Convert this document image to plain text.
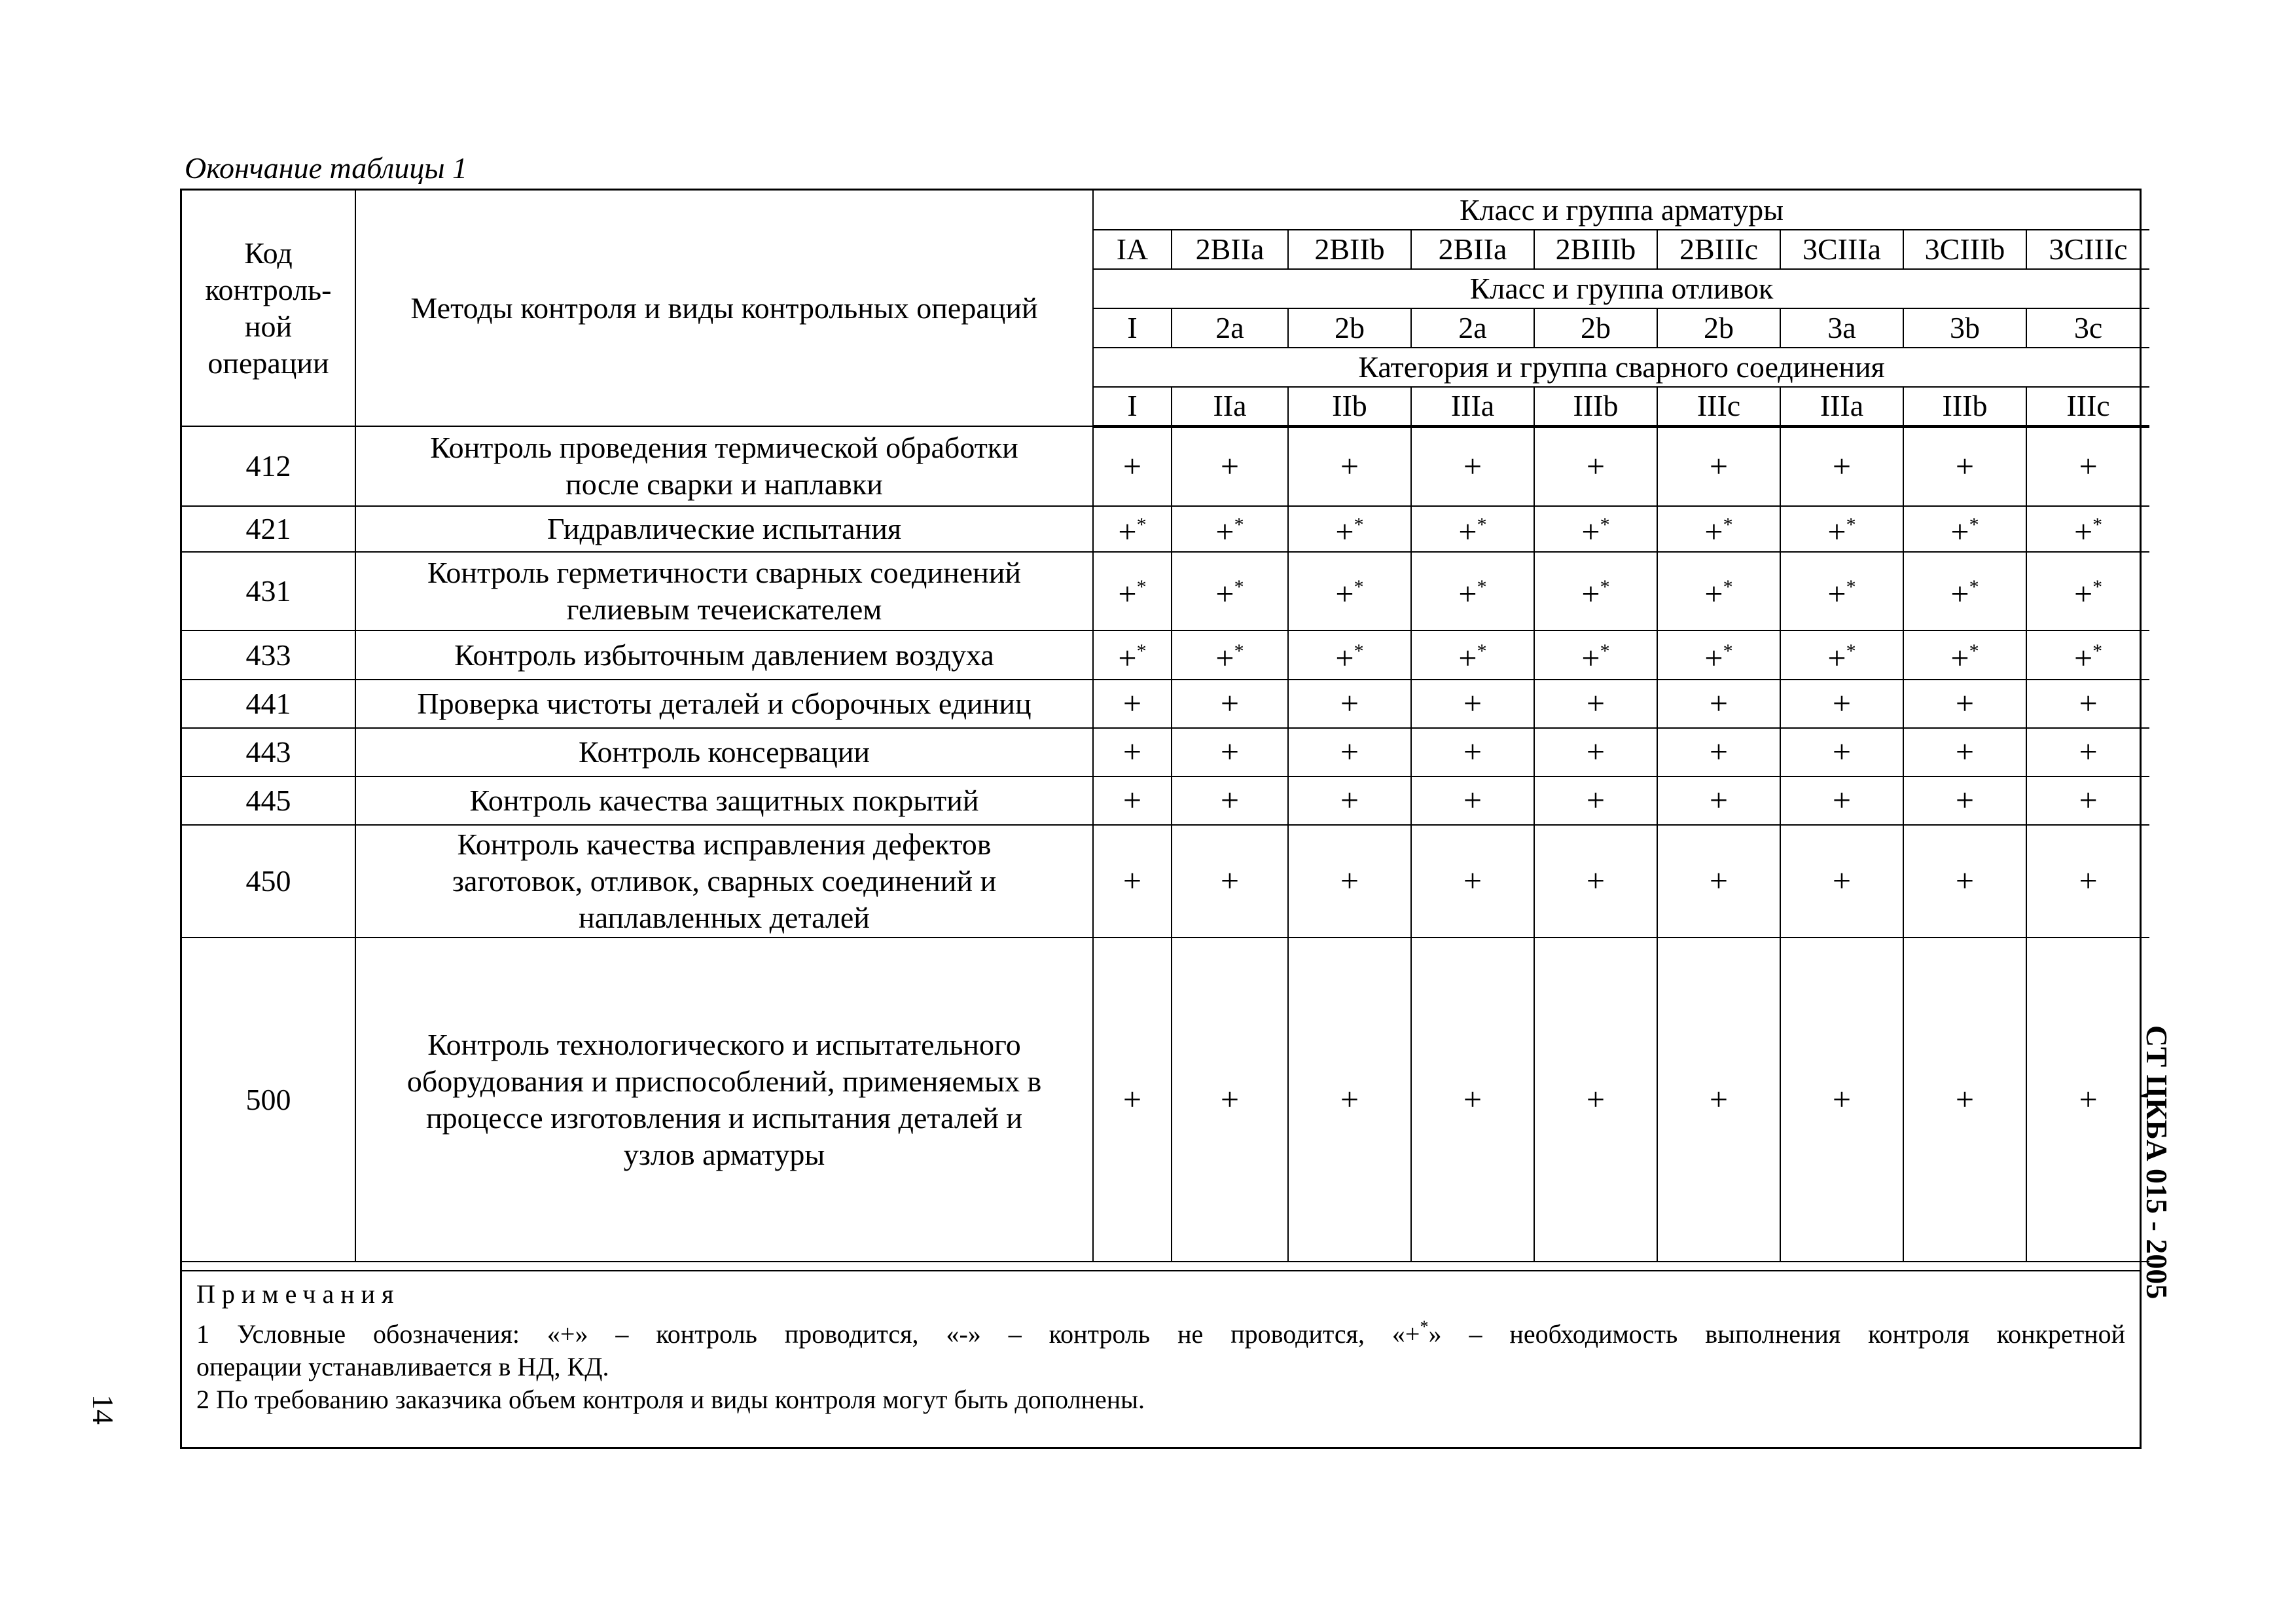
Окончание таблицы 1
Код
контроль-
ной
операции	Методы контроля и виды контрольных операций	Класс и группа арматуры								
		IA	2BIIa	2BIIb	2BIIa	2BIIIb	2BIIIc	3CIIIa	3CIIIb	3CIIIc
		Класс и группа отливок								
		I	2a	2b	2a	2b	2b	3a	3b	3c
		Категория и группа сварного соединения								
		I	IIa	IIb	IIIa	IIIb	IIIc	IIIa	IIIb	IIIc
412	Контроль проведения термической обработки
после сварки и наплавки	+	+	+	+	+	+	+	+	+
421	Гидравлические испытания	+*	+*	+*	+*	+*	+*	+*	+*	+*
431	Контроль герметичности сварных соединений
гелиевым течеискателем	+*	+*	+*	+*	+*	+*	+*	+*	+*
433	Контроль избыточным давлением воздуха	+*	+*	+*	+*	+*	+*	+*	+*	+*
441	Проверка чистоты деталей и сборочных единиц	+	+	+	+	+	+	+	+	+
443	Контроль консервации	+	+	+	+	+	+	+	+	+
445	Контроль качества защитных покрытий	+	+	+	+	+	+	+	+	+
450	Контроль качества исправления дефектов
заготовок, отливок, сварных соединений и
наплавленных деталей	+	+	+	+	+	+	+	+	+
500	Контроль технологического и испытательного
оборудования и приспособлений, применяемых в
процессе изготовления и испытания деталей и
узлов арматуры	+	+	+	+	+	+	+	+	+
Примечания
1 Условные обозначения: «+» – контроль проводится, «-» – контроль не проводится, «+*» – необходимость выполнения контроля конкретной
операции устанавливается в НД, КД.
2 По требованию заказчика объем контроля и виды контроля могут быть дополнены.
СТ ЦКБА 015 - 2005
14
